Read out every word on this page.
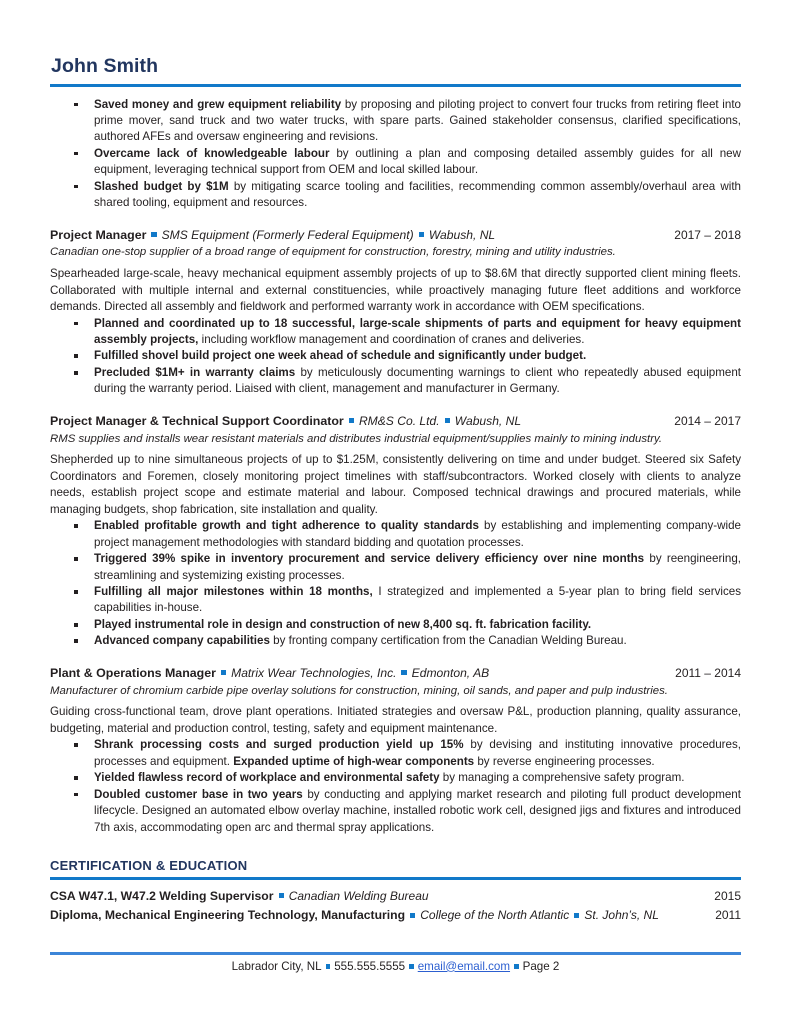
John Smith
Saved money and grew equipment reliability by proposing and piloting project to convert four trucks from retiring fleet into prime mover, sand truck and two water trucks, with spare parts. Gained stakeholder consensus, clarified specifications, authored AFEs and oversaw engineering and revisions.
Overcame lack of knowledgeable labour by outlining a plan and composing detailed assembly guides for all new equipment, leveraging technical support from OEM and local skilled labour.
Slashed budget by $1M by mitigating scarce tooling and facilities, recommending common assembly/overhaul area with shared tooling, equipment and resources.
Project Manager SMS Equipment (Formerly Federal Equipment) Wabush, NL	2017 – 2018
Canadian one-stop supplier of a broad range of equipment for construction, forestry, mining and utility industries.

Spearheaded large-scale, heavy mechanical equipment assembly projects of up to $8.6M that directly supported client mining fleets. Collaborated with multiple internal and external constituencies, while proactively managing future fleet additions and workforce demands. Directed all assembly and fieldwork and performed warranty work in accordance with OEM specifications.

Planned and coordinated up to 18 successful, large-scale shipments of parts and equipment for heavy equipment assembly projects, including workflow management and coordination of cranes and deliveries.
Fulfilled shovel build project one week ahead of schedule and significantly under budget.
Precluded $1M+ in warranty claims by meticulously documenting warnings to client who repeatedly abused equipment during the warranty period. Liaised with client, management and manufacturer in Germany.
Project Manager & Technical Support Coordinator RM&S Co. Ltd. Wabush, NL	2014 – 2017
RMS supplies and installs wear resistant materials and distributes industrial equipment/supplies mainly to mining industry.

Shepherded up to nine simultaneous projects of up to $1.25M, consistently delivering on time and under budget. Steered six Safety Coordinators and Foremen, closely monitoring project timelines with staff/subcontractors. Worked closely with clients to analyze needs, establish project scope and estimate material and labour. Composed technical drawings and procured materials, while managing budgets, shop fabrication, site installation and quality.

Enabled profitable growth and tight adherence to quality standards by establishing and implementing company-wide project management methodologies with standard bidding and quotation processes.
Triggered 39% spike in inventory procurement and service delivery efficiency over nine months by reengineering, streamlining and systemizing existing processes.
Fulfilling all major milestones within 18 months, I strategized and implemented a 5-year plan to bring field services capabilities in-house.
Played instrumental role in design and construction of new 8,400 sq. ft. fabrication facility.
Advanced company capabilities by fronting company certification from the Canadian Welding Bureau.
Plant & Operations Manager Matrix Wear Technologies, Inc. Edmonton, AB	2011 – 2014
Manufacturer of chromium carbide pipe overlay solutions for construction, mining, oil sands, and paper and pulp industries.

Guiding cross-functional team, drove plant operations. Initiated strategies and oversaw P&L, production planning, quality assurance, budgeting, material and production control, testing, safety and equipment maintenance.

Shrank processing costs and surged production yield up 15% by devising and instituting innovative procedures, processes and equipment. Expanded uptime of high-wear components by reverse engineering processes.
Yielded flawless record of workplace and environmental safety by managing a comprehensive safety program.
Doubled customer base in two years by conducting and applying market research and piloting full product development lifecycle. Designed an automated elbow overlay machine, installed robotic work cell, designed jigs and fixtures and introduced 7th axis, accommodating open arc and thermal spray applications.
CERTIFICATION & EDUCATION
CSA W47.1, W47.2 Welding Supervisor Canadian Welding Bureau	2015
Diploma, Mechanical Engineering Technology, Manufacturing College of the North Atlantic St. John’s, NL	2011
Labrador City, NL 555.555.5555 email@email.com Page 2
